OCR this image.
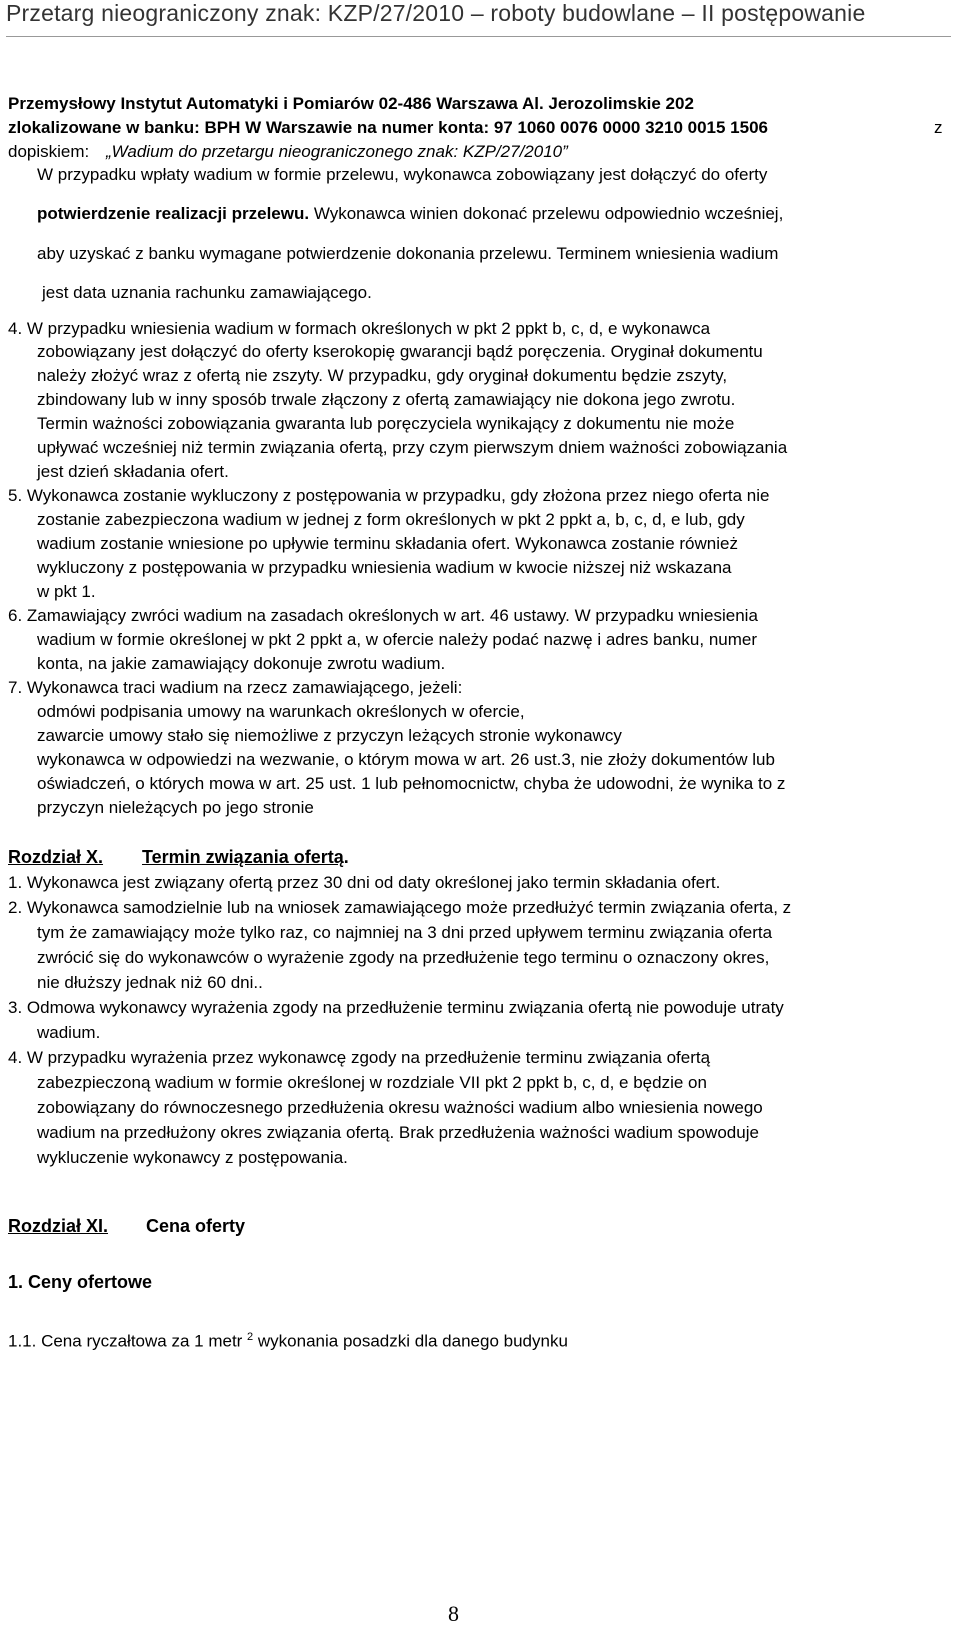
Przetarg nieograniczony znak: KZP/27/2010 – roboty budowlane – II postępowanie
Przemysłowy Instytut Automatyki i Pomiarów 02-486 Warszawa Al. Jerozolimskie 202
zlokalizowane w banku: BPH W Warszawie na numer konta: 97 1060 0076 0000 3210 0015 1506	z
dopiskiem: „Wadium do przetargu nieograniczonego znak: KZP/27/2010”
W przypadku wpłaty wadium w formie przelewu, wykonawca zobowiązany jest dołączyć do oferty
potwierdzenie realizacji przelewu. Wykonawca winien dokonać przelewu odpowiednio wcześniej,
aby uzyskać z banku wymagane potwierdzenie dokonania przelewu. Terminem wniesienia wadium
jest data uznania rachunku zamawiającego.
4. W przypadku wniesienia wadium w formach określonych w pkt 2 ppkt b, c, d, e wykonawca
zobowiązany jest dołączyć do oferty kserokopię gwarancji bądź poręczenia. Oryginał dokumentu
należy złożyć wraz z ofertą nie zszyty. W przypadku, gdy oryginał dokumentu będzie zszyty,
zbindowany lub w inny sposób trwale złączony z ofertą zamawiający nie dokona jego zwrotu.
Termin ważności zobowiązania gwaranta lub poręczyciela wynikający z dokumentu nie może
upływać wcześniej niż termin związania ofertą, przy czym pierwszym dniem ważności zobowiązania
jest dzień składania ofert.
5. Wykonawca zostanie wykluczony z postępowania w przypadku, gdy złożona przez niego oferta nie
zostanie zabezpieczona wadium w jednej z form określonych w pkt 2 ppkt a, b, c, d, e lub, gdy
wadium zostanie wniesione po upływie terminu składania ofert. Wykonawca zostanie również
wykluczony z postępowania w przypadku wniesienia wadium w kwocie niższej niż wskazana
w pkt 1.
6. Zamawiający zwróci wadium na zasadach określonych w art. 46 ustawy. W przypadku wniesienia
wadium w formie określonej w pkt 2 ppkt a, w ofercie należy podać nazwę i adres banku, numer
konta, na jakie zamawiający dokonuje zwrotu wadium.
7. Wykonawca traci wadium na rzecz zamawiającego, jeżeli:
odmówi podpisania umowy na warunkach określonych w ofercie,
zawarcie umowy stało się niemożliwe z przyczyn leżących stronie wykonawcy
wykonawca w odpowiedzi na wezwanie, o którym mowa w art. 26 ust.3, nie złoży dokumentów lub
oświadczeń, o których mowa w art. 25 ust. 1 lub pełnomocnictw, chyba że udowodni, że wynika to z
przyczyn nieleżących po jego stronie
Rozdział X. Termin związania ofertą.
1. Wykonawca jest związany ofertą przez 30 dni od daty określonej jako termin składania ofert.
2. Wykonawca samodzielnie lub na wniosek zamawiającego może przedłużyć termin związania oferta, z
tym że zamawiający może tylko raz, co najmniej na 3 dni przed upływem terminu związania oferta
zwrócić się do wykonawców o wyrażenie zgody na przedłużenie tego terminu o oznaczony okres,
nie dłuższy jednak niż 60 dni..
3. Odmowa wykonawcy wyrażenia zgody na przedłużenie terminu związania ofertą nie powoduje utraty
wadium.
4. W przypadku wyrażenia przez wykonawcę zgody na przedłużenie terminu związania ofertą
zabezpieczoną wadium w formie określonej w rozdziale VII pkt 2 ppkt b, c, d, e będzie on
zobowiązany do równoczesnego przedłużenia okresu ważności wadium albo wniesienia nowego
wadium na przedłużony okres związania ofertą. Brak przedłużenia ważności wadium spowoduje
wykluczenie wykonawcy z postępowania.
Rozdział XI. Cena oferty
1. Ceny ofertowe
1.1. Cena ryczałtowa za 1 metr $^2$ wykonania posadzki dla danego budynku
8
